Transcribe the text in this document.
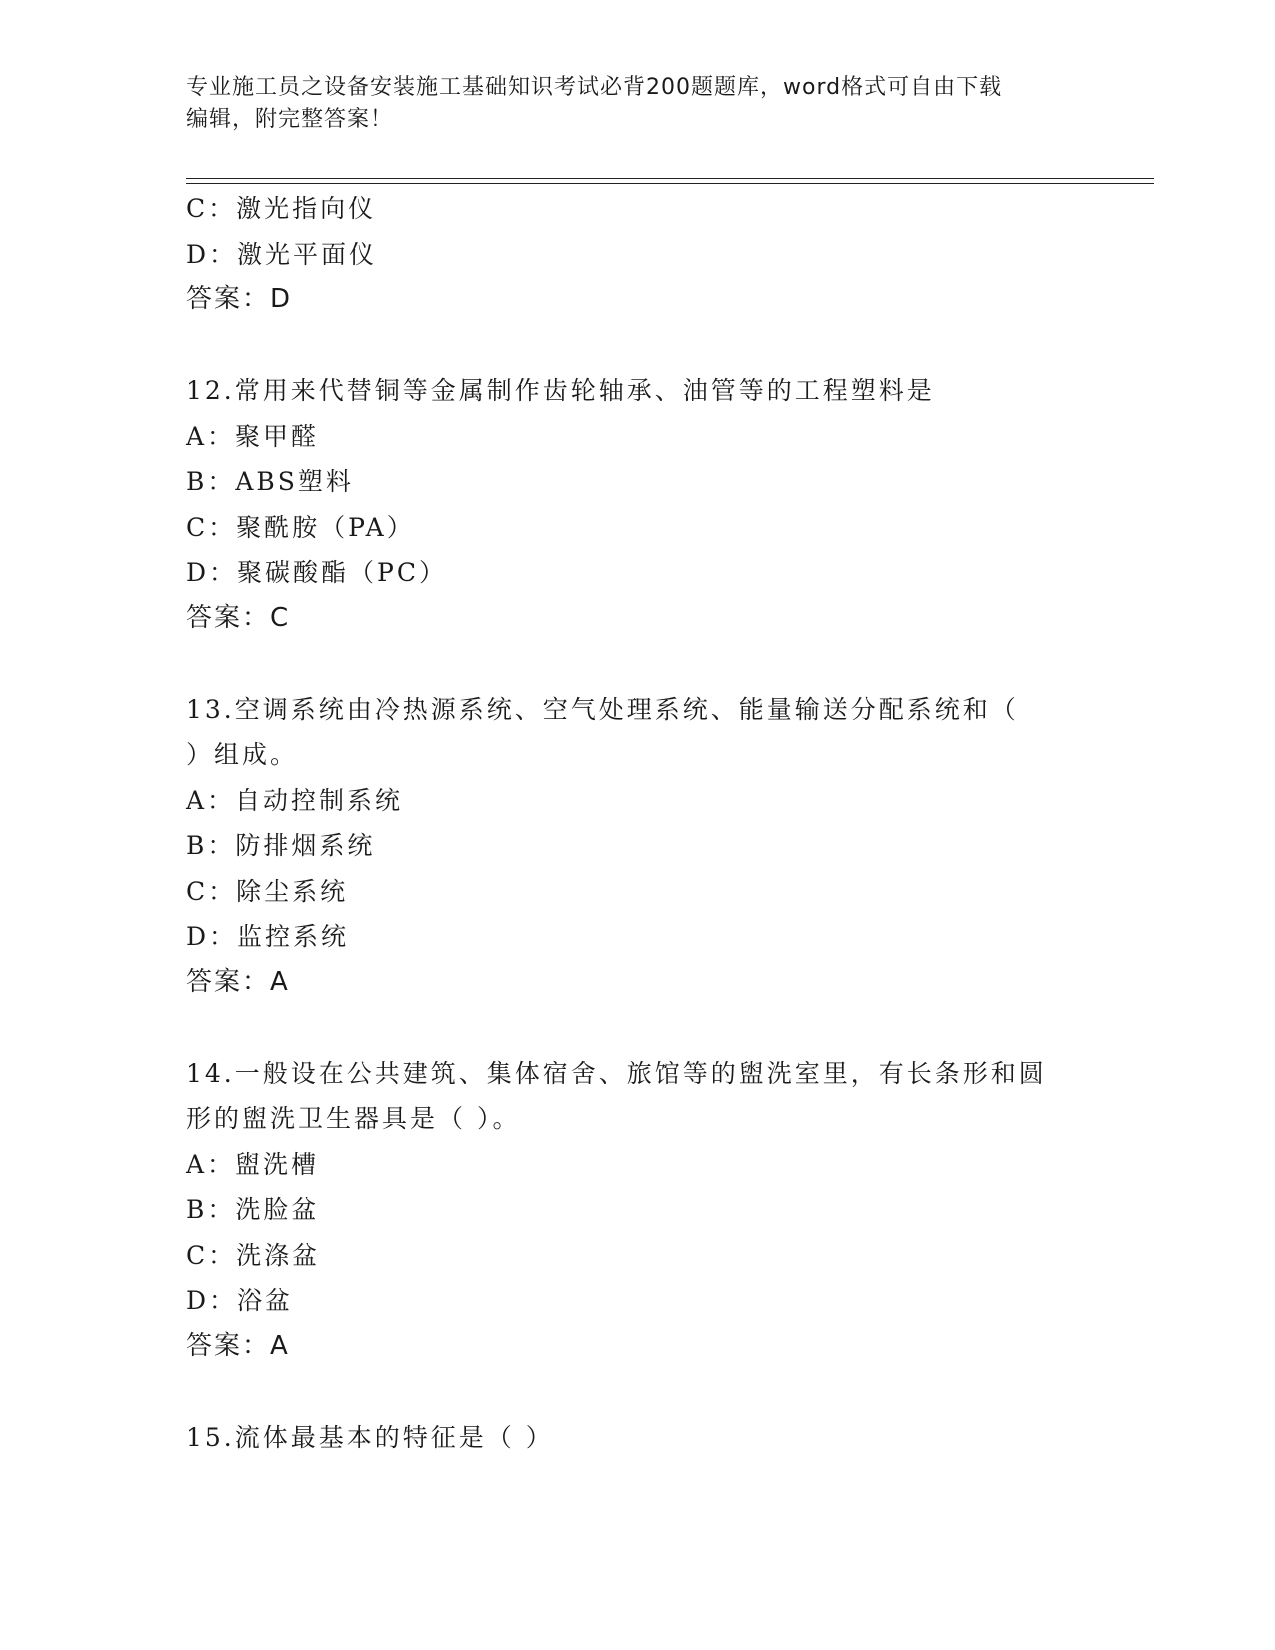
专业施工员之设备安装施工基础知识考试必背200题题库，word格式可自由下载
编辑，附完整答案！
C：激光指向仪
D：激光平面仪
答案：D
12.常用来代替铜等金属制作齿轮轴承、油管等的工程塑料是
A：聚甲醛
B：ABS塑料
C：聚酰胺（PA）
D：聚碳酸酯（PC）
答案：C
13.空调系统由冷热源系统、空气处理系统、能量输送分配系统和（
）组成。
A：自动控制系统
B：防排烟系统
C：除尘系统
D：监控系统
答案：A
14.一般设在公共建筑、集体宿舍、旅馆等的盥洗室里，有长条形和圆
形的盥洗卫生器具是（ ）。
A：盥洗槽
B：洗脸盆
C：洗涤盆
D：浴盆
答案：A
15.流体最基本的特征是（ ）
